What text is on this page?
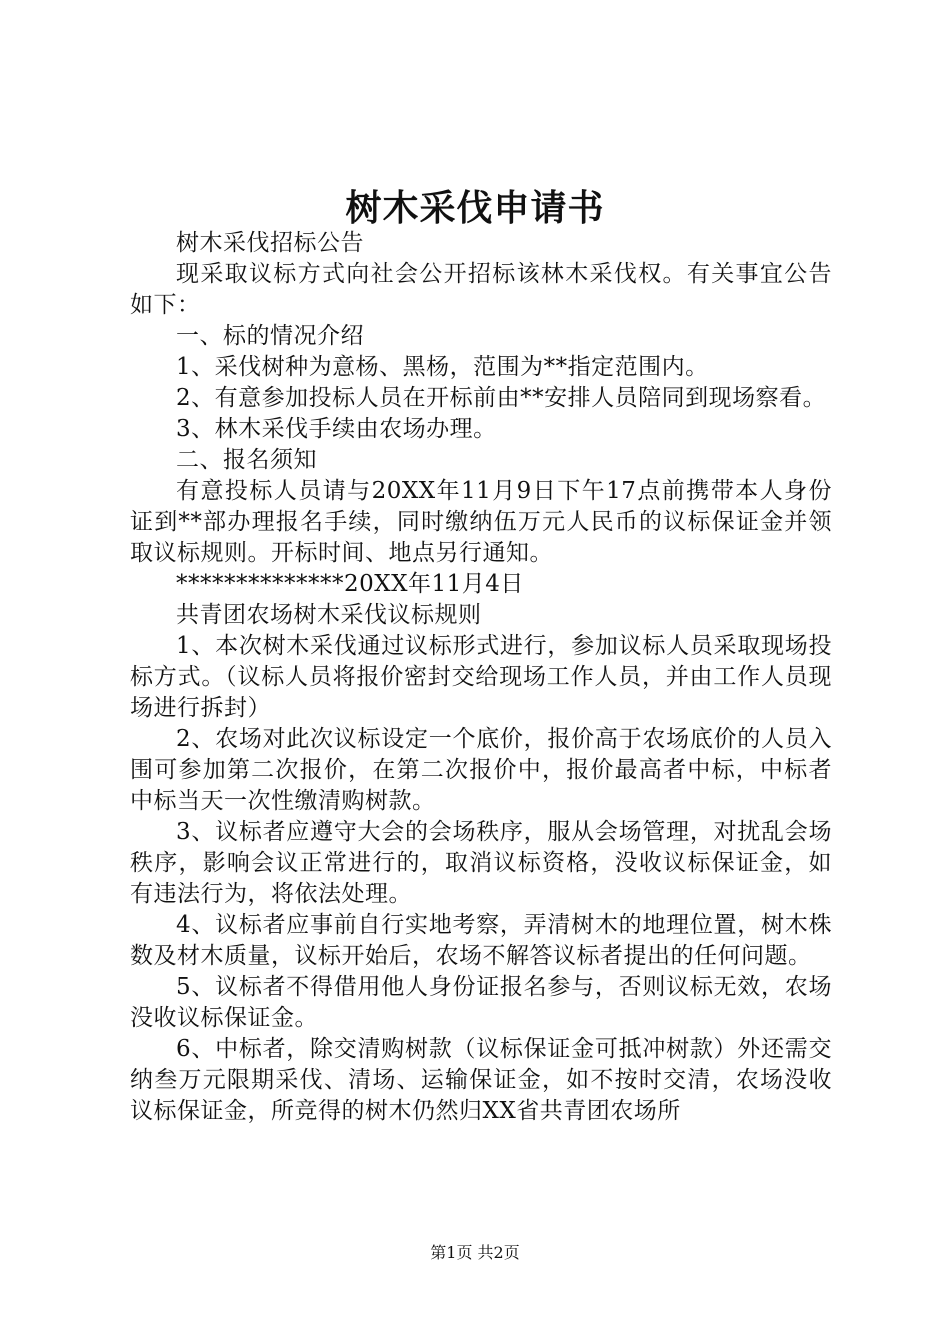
树木采伐申请书

树木采伐招标公告

现采取议标方式向社会公开招标该林木采伐权。有关事宜公告如下：

一、标的情况介绍

1、采伐树种为意杨、黑杨，范围为**指定范围内。

2、有意参加投标人员在开标前由**安排人员陪同到现场察看。

3、林木采伐手续由农场办理。

二、报名须知

有意投标人员请与20XX年11月9日下午17点前携带本人身份证到**部办理报名手续，同时缴纳伍万元人民币的议标保证金并领取议标规则。开标时间、地点另行通知。

**************20XX年11月4日

共青团农场树木采伐议标规则

1、本次树木采伐通过议标形式进行，参加议标人员采取现场投标方式。（议标人员将报价密封交给现场工作人员，并由工作人员现场进行拆封）

2、农场对此次议标设定一个底价，报价高于农场底价的人员入围可参加第二次报价，在第二次报价中，报价最高者中标，中标者中标当天一次性缴清购树款。

3、议标者应遵守大会的会场秩序，服从会场管理，对扰乱会场秩序，影响会议正常进行的，取消议标资格，没收议标保证金，如有违法行为，将依法处理。

4、议标者应事前自行实地考察，弄清树木的地理位置，树木株数及材木质量，议标开始后，农场不解答议标者提出的任何问题。

5、议标者不得借用他人身份证报名参与，否则议标无效，农场没收议标保证金。

6、中标者，除交清购树款（议标保证金可抵冲树款）外还需交纳叁万元限期采伐、清场、运输保证金，如不按时交清，农场没收议标保证金，所竞得的树木仍然归XX省共青团农场所

第1页 共2页
